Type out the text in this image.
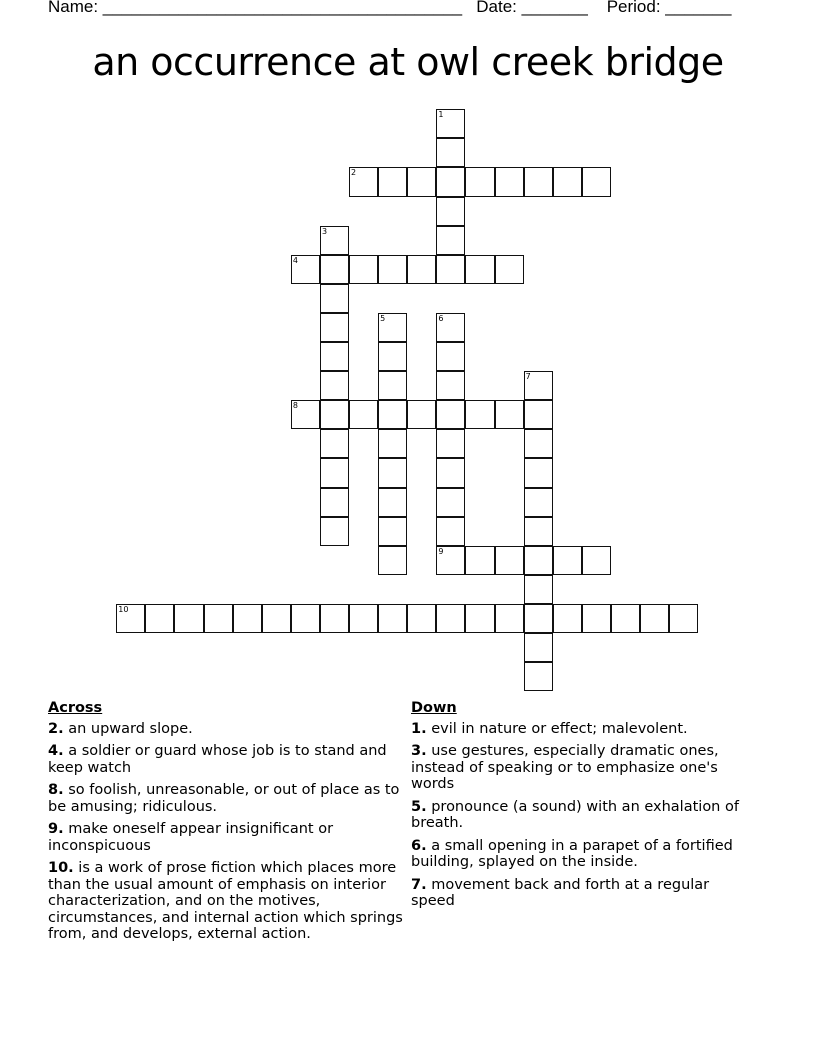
Name: ______________________________________ Date: _______ Period: _______
an occurrence at owl creek bridge
1
2
3
4
5	6
9
7
8
10
Across
2. an upward slope.
4. a soldier or guard whose job is to stand and keep watch
8. so foolish, unreasonable, or out of place as to be amusing; ridiculous.
9. make oneself appear insignificant or inconspicuous
10. is a work of prose fiction which places more than the usual amount of emphasis on interior characterization, and on the motives, circumstances, and internal action which springs from, and develops, external action.
Down
1. evil in nature or effect; malevolent.
3. use gestures, especially dramatic ones, instead of speaking or to emphasize one's words
5. pronounce (a sound) with an exhalation of breath.
6. a small opening in a parapet of a fortified building, splayed on the inside.
7. movement back and forth at a regular speed
